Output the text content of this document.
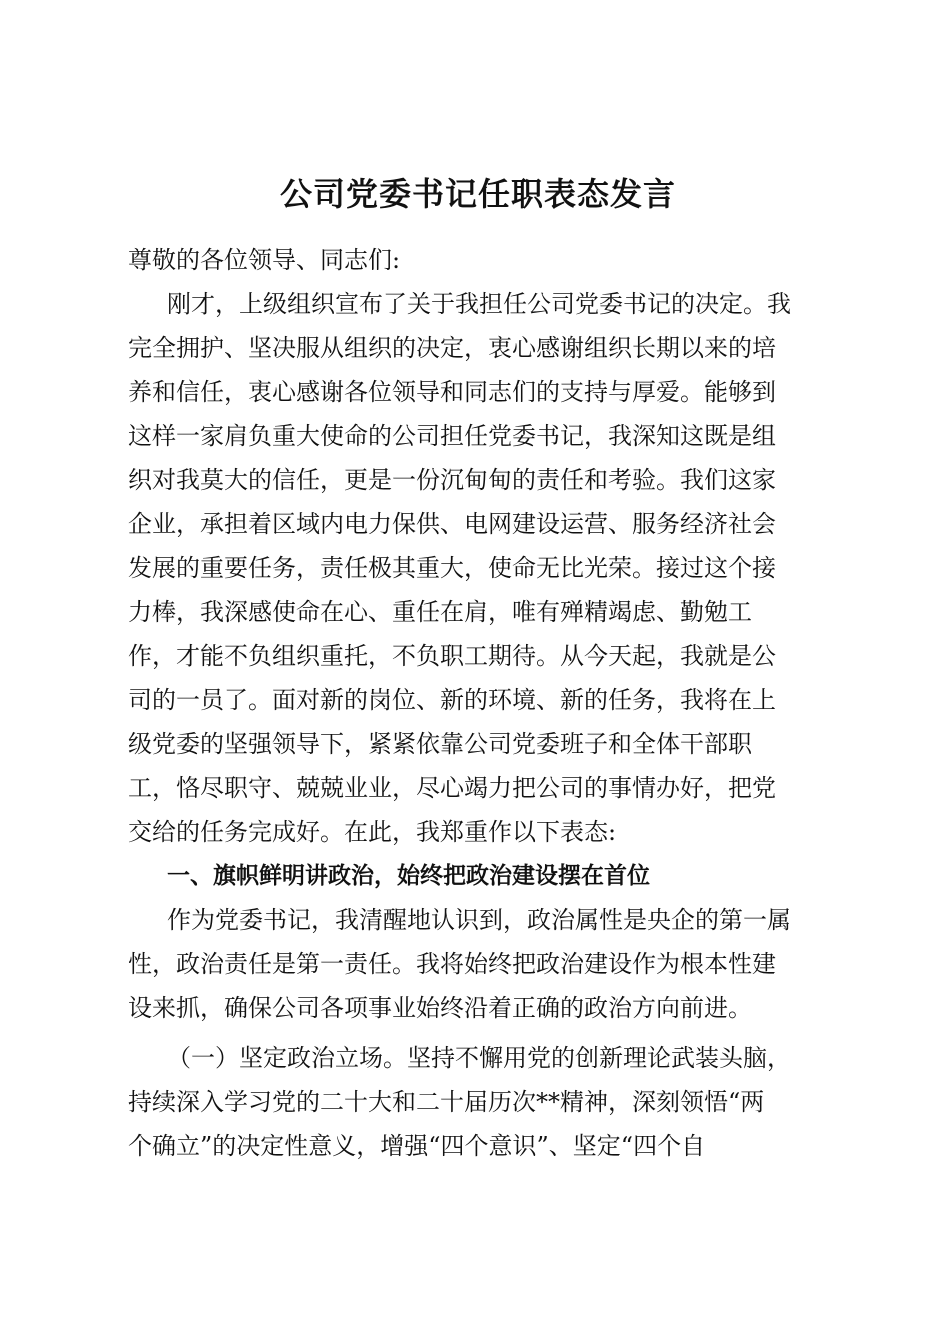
公司党委书记任职表态发言

尊敬的各位领导、同志们:

刚才，上级组织宣布了关于我担任公司党委书记的决定。我

完全拥护、坚决服从组织的决定，衷心感谢组织长期以来的培

养和信任，衷心感谢各位领导和同志们的支持与厚爱。能够到

这样一家肩负重大使命的公司担任党委书记，我深知这既是组

织对我莫大的信任，更是一份沉甸甸的责任和考验。我们这家

企业，承担着区域内电力保供、电网建设运营、服务经济社会

发展的重要任务，责任极其重大，使命无比光荣。接过这个接

力棒，我深感使命在心、重任在肩，唯有殚精竭虑、勤勉工

作，才能不负组织重托，不负职工期待。从今天起，我就是公

司的一员了。面对新的岗位、新的环境、新的任务，我将在上

级党委的坚强领导下，紧紧依靠公司党委班子和全体干部职

工，恪尽职守、兢兢业业，尽心竭力把公司的事情办好，把党

交给的任务完成好。在此，我郑重作以下表态:

一、旗帜鲜明讲政治，始终把政治建设摆在首位

作为党委书记，我清醒地认识到，政治属性是央企的第一属

性，政治责任是第一责任。我将始终把政治建设作为根本性建

设来抓，确保公司各项事业始终沿着正确的政治方向前进。

（一）坚定政治立场。坚持不懈用党的创新理论武装头脑，

持续深入学习党的二十大和二十届历次**精神，深刻领悟“两

个确立”的决定性意义，增强“四个意识”、坚定“四个自
